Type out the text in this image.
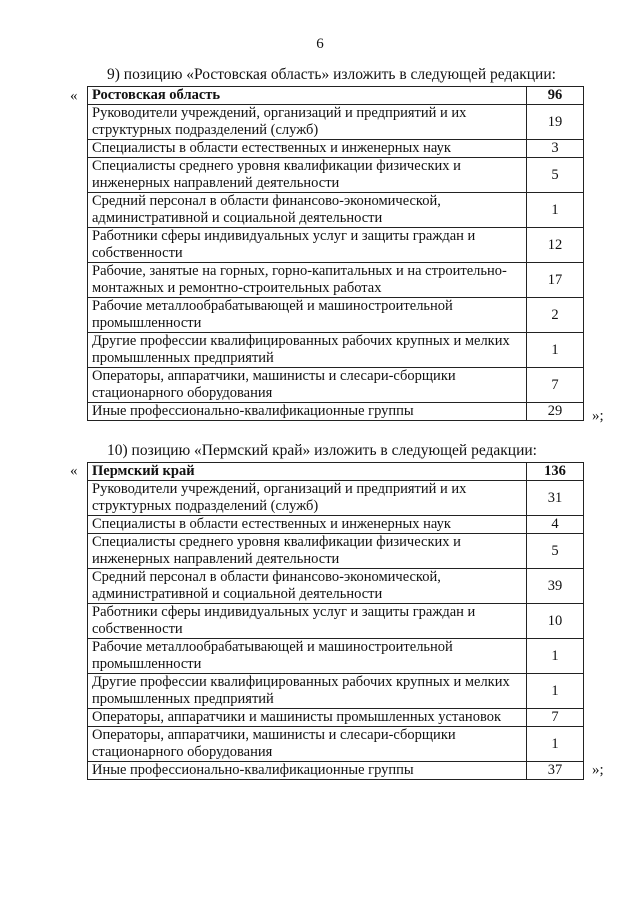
6
9) позицию «Ростовская область» изложить в следующей редакции:
« Ростовская область	96
Руководители учреждений, организаций и предприятий и их структурных подразделений (служб)	19
Специалисты в области естественных и инженерных наук	3
Специалисты среднего уровня квалификации физических и инженерных направлений деятельности	5
Средний персонал в области финансово-экономической, административной и социальной деятельности	1
Работники сферы индивидуальных услуг и защиты граждан и собственности	12
Рабочие, занятые на горных, горно-капитальных и на строительно-монтажных и ремонтно-строительных работах	17
Рабочие металлообрабатывающей и машиностроительной промышленности	2
Другие профессии квалифицированных рабочих крупных и мелких промышленных предприятий	1
Операторы, аппаратчики, машинисты и слесари-сборщики стационарного оборудования	7
Иные профессионально-квалификационные группы	29 »;
10) позицию «Пермский край» изложить в следующей редакции:
« Пермский край	136
Руководители учреждений, организаций и предприятий и их структурных подразделений (служб)	31
Специалисты в области естественных и инженерных наук	4
Специалисты среднего уровня квалификации физических и инженерных направлений деятельности	5
Средний персонал в области финансово-экономической, административной и социальной деятельности	39
Работники сферы индивидуальных услуг и защиты граждан и собственности	10
Рабочие металлообрабатывающей и машиностроительной промышленности	1
Другие профессии квалифицированных рабочих крупных и мелких промышленных предприятий	1
Операторы, аппаратчики и машинисты промышленных установок	7
Операторы, аппаратчики, машинисты и слесари-сборщики стационарного оборудования	1
Иные профессионально-квалификационные группы	37 »;
